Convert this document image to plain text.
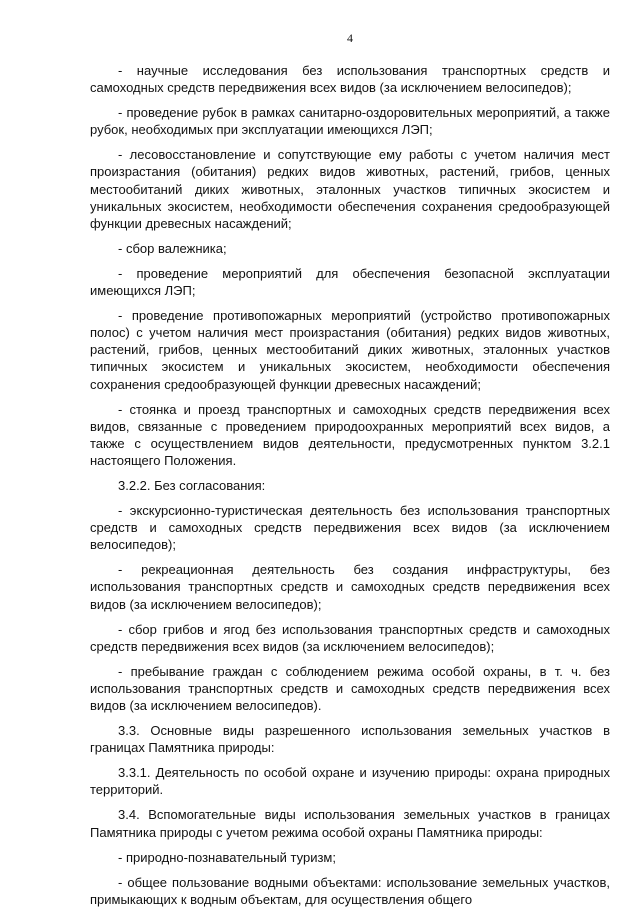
4

- научные исследования без использования транспортных средств и самоходных средств передвижения всех видов (за исключением велосипедов);

- проведение рубок в рамках санитарно-оздоровительных мероприятий, а также рубок, необходимых при эксплуатации имеющихся ЛЭП;

- лесовосстановление и сопутствующие ему работы с учетом наличия мест произрастания (обитания) редких видов животных, растений, грибов, ценных местообитаний диких животных, эталонных участков типичных экосистем и уникальных экосистем, необходимости обеспечения сохранения средообразующей функции древесных насаждений;

- сбор валежника;

- проведение мероприятий для обеспечения безопасной эксплуатации имеющихся ЛЭП;

- проведение противопожарных мероприятий (устройство противопожарных полос) с учетом наличия мест произрастания (обитания) редких видов животных, растений, грибов, ценных местообитаний диких животных, эталонных участков типичных экосистем и уникальных экосистем, необходимости обеспечения сохранения средообразующей функции древесных насаждений;

- стоянка и проезд транспортных и самоходных средств передвижения всех видов, связанные с проведением природоохранных мероприятий всех видов, а также с осуществлением видов деятельности, предусмотренных пунктом 3.2.1 настоящего Положения.

3.2.2. Без согласования:

- экскурсионно-туристическая деятельность без использования транспортных средств и самоходных средств передвижения всех видов (за исключением велосипедов);

- рекреационная деятельность без создания инфраструктуры, без использования транспортных средств и самоходных средств передвижения всех видов (за исключением велосипедов);

- сбор грибов и ягод без использования транспортных средств и самоходных средств передвижения всех видов (за исключением велосипедов);

- пребывание граждан с соблюдением режима особой охраны, в т. ч. без использования транспортных средств и самоходных средств передвижения всех видов (за исключением велосипедов).

3.3. Основные виды разрешенного использования земельных участков в границах Памятника природы:

3.3.1. Деятельность по особой охране и изучению природы: охрана природных территорий.

3.4. Вспомогательные виды использования земельных участков в границах Памятника природы с учетом режима особой охраны Памятника природы:

- природно-познавательный туризм;

- общее пользование водными объектами: использование земельных участков, примыкающих к водным объектам, для осуществления общего
